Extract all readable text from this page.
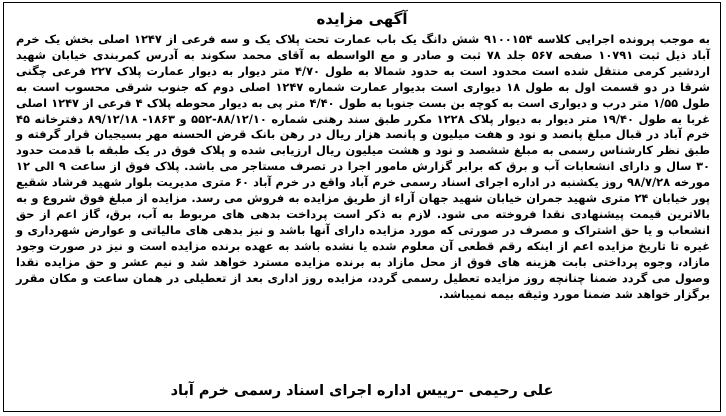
آگهی مزایده

به موجب پرونده اجرایی کلاسه ۹۱۰۰۱۵۴ شش دانگ یک باب عمارت تحت پلاک یک و سه فرعی از ۱۲۴۷ اصلی بخش یک خرم آباد ذیل ثبت ۱۰۷۹۱ صفحه ۵۶۷ جلد ۷۸ ثبت و صادر و مع الواسطه به آقای محمد سکوند به آدرس کمربندی خیابان شهید اردشیر کرمی منتقل شده است محدود است به حدود شمالا به طول ۴/۷۰ متر دیوار به دیوار عمارت پلاک ۲۲۷ فرعی چگنی شرقا در دو قسمت اول به طول ۱۸ دیواری است بدیوار عمارت شماره ۱۲۴۷ اصلی دوم که جنوب شرقی محسوب است به طول ۱/۵۵ متر درب و دیواری است به کوچه بن بست جنوبا به طول ۴/۴۰ متر پی به دیوار محوطه پلاک ۴ فرعی از ۱۲۴۷ اصلی غربا به طول ۱۹/۴۰ متر دیوار به دیوار پلاک ۱۲۲۸ مکرر طبق سند رهنی شماره ۸۸/۱۲/۱۰-۵۵۲ و ۱۸۶۳- ۸۹/۱۲/۱۸ دفترخانه ۴۵ خرم آباد در قبال مبلغ پانصد و نود و هفت میلیون و پانصد هزار ریال در رهن بانک قرض الحسنه مهر بسیجیان قرار گرفته و طبق نظر کارشناس رسمی به مبلغ ششصد و نود و هشت میلیون ریال ارزیابی شده و پلاک فوق در یک طبقه با قدمت حدود ۳۰ سال و دارای انشعابات آب و برق که برابر گزارش مامور اجرا در تصرف مستاجر می باشد. پلاک فوق از ساعت ۹ الی ۱۲ مورخه ۹۸/۷/۲۸ روز یکشنبه در اداره اجرای اسناد رسمی خرم آباد واقع در خرم آباد ۶۰ متری مدیریت بلوار شهید فرشاد شقیع پور خیابان ۲۴ متری شهید جمران خیابان شهید جهان آراء از طریق مزایده به فروش می رسد. مزایده از مبلغ فوق شروع و به بالاترین قیمت پیشنهادی نقدا فروخته می شود. لازم به ذکر است پرداخت بدهی های مربوط به آب، برق، گاز اعم از حق انشعاب و یا حق اشتراک و مصرف در صورتی که مورد مزایده دارای آنها باشد و نیز بدهی های مالیاتی و عوارض شهرداری و غیره تا تاریخ مزایده اعم از اینکه رقم قطعی آن معلوم شده یا نشده باشد به عهده برنده مزایده است و نیز در صورت وجود مازاد، وجوه پرداختی بابت هزینه های فوق از محل مازاد به برنده مزایده مسترد خواهد شد و نیم عشر و حق مزایده نقدا وصول می گردد ضمنا چنانچه روز مزایده تعطیل رسمی گردد، مزایده روز اداری بعد از تعطیلی در همان ساعت و مکان مقرر برگزار خواهد شد ضمنا مورد وثیقه بیمه نمیباشد.

علی رحیمی –رییس اداره اجرای اسناد رسمی خرم آباد
